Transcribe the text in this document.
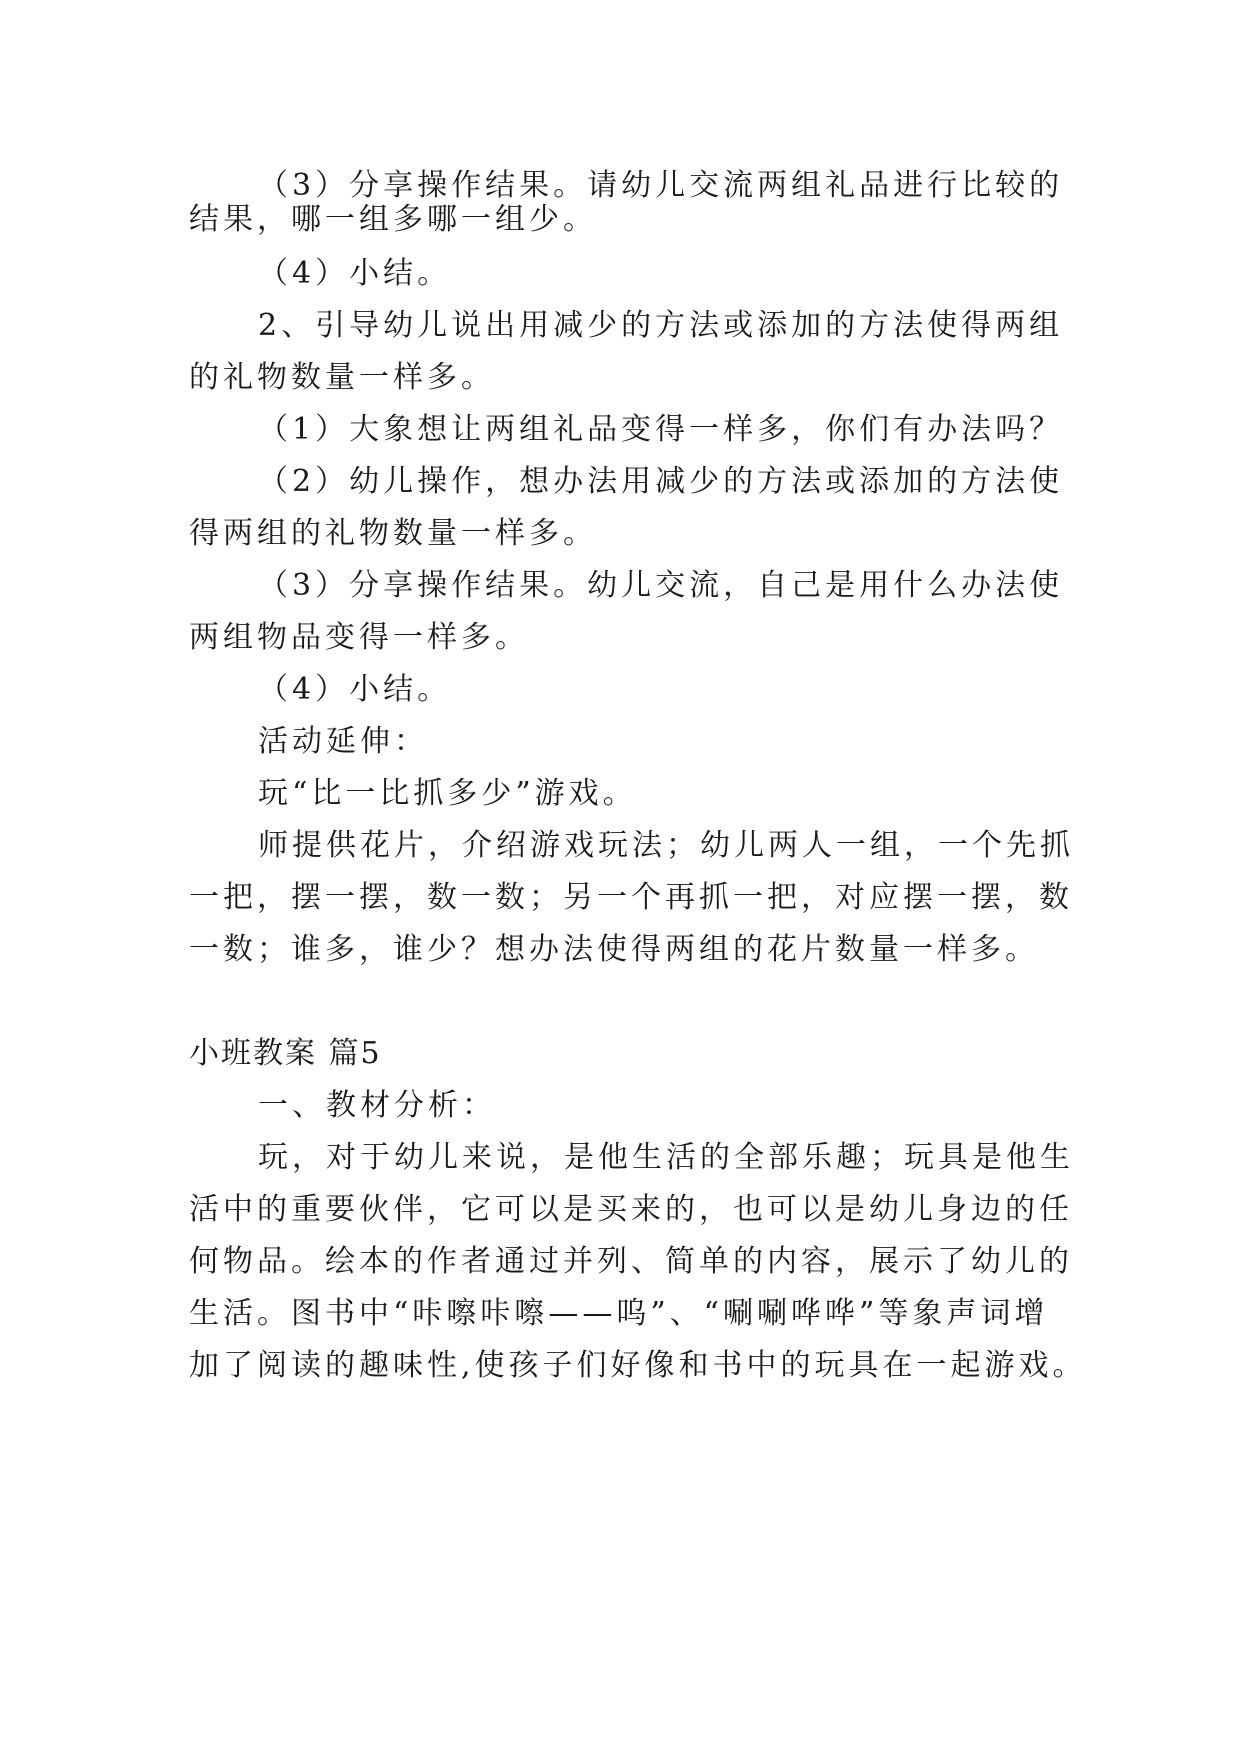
（3）分享操作结果。请幼儿交流两组礼品进行比较的
结果，哪一组多哪一组少。
（4）小结。
2、引导幼儿说出用减少的方法或添加的方法使得两组
的礼物数量一样多。
（1）大象想让两组礼品变得一样多，你们有办法吗？
（2）幼儿操作，想办法用减少的方法或添加的方法使
得两组的礼物数量一样多。
（3）分享操作结果。幼儿交流，自己是用什么办法使
两组物品变得一样多。
（4）小结。
活动延伸：
玩“比一比抓多少”游戏。
师提供花片，介绍游戏玩法；幼儿两人一组，一个先抓
一把，摆一摆，数一数；另一个再抓一把，对应摆一摆，数
一数；谁多，谁少？想办法使得两组的花片数量一样多。
小班教案 篇5
一、教材分析：
玩，对于幼儿来说，是他生活的全部乐趣；玩具是他生
活中的重要伙伴，它可以是买来的，也可以是幼儿身边的任
何物品。绘本的作者通过并列、简单的内容，展示了幼儿的
生活。图书中“咔嚓咔嚓——呜”、“唰唰哗哗”等象声词增
加了阅读的趣味性,使孩子们好像和书中的玩具在一起游戏。
